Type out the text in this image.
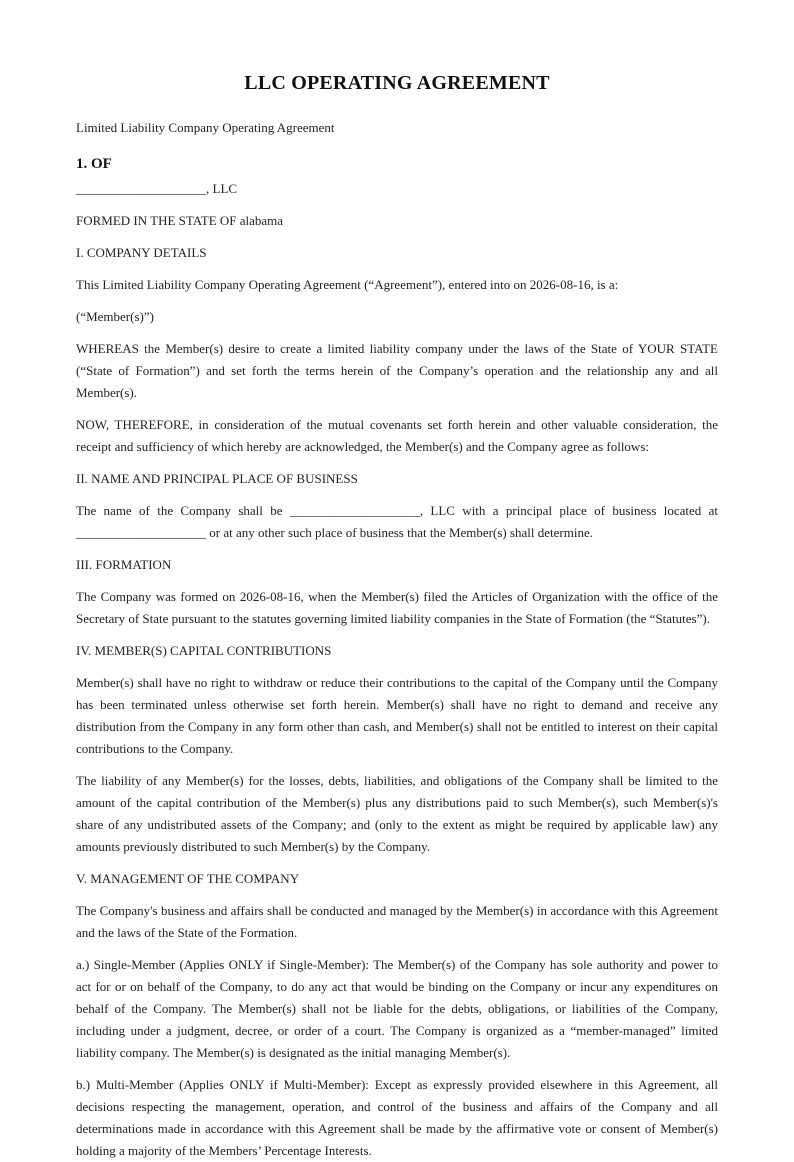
LLC OPERATING AGREEMENT
Limited Liability Company Operating Agreement
1. OF

____________________, LLC

FORMED IN THE STATE OF alabama

I. COMPANY DETAILS

This Limited Liability Company Operating Agreement (“Agreement”), entered into on 2026-08-16, is a:

(“Member(s)”)

WHEREAS the Member(s) desire to create a limited liability company under the laws of the State of YOUR STATE (“State of Formation”) and set forth the terms herein of the Company’s operation and the relationship any and all Member(s).

NOW, THEREFORE, in consideration of the mutual covenants set forth herein and other valuable consideration, the receipt and sufficiency of which hereby are acknowledged, the Member(s) and the Company agree as follows:

II. NAME AND PRINCIPAL PLACE OF BUSINESS

The name of the Company shall be ____________________, LLC with a principal place of business located at ____________________ or at any other such place of business that the Member(s) shall determine.

III. FORMATION

The Company was formed on 2026-08-16, when the Member(s) filed the Articles of Organization with the office of the Secretary of State pursuant to the statutes governing limited liability companies in the State of Formation (the “Statutes”).

IV. MEMBER(S) CAPITAL CONTRIBUTIONS

Member(s) shall have no right to withdraw or reduce their contributions to the capital of the Company until the Company has been terminated unless otherwise set forth herein. Member(s) shall have no right to demand and receive any distribution from the Company in any form other than cash, and Member(s) shall not be entitled to interest on their capital contributions to the Company.

The liability of any Member(s) for the losses, debts, liabilities, and obligations of the Company shall be limited to the amount of the capital contribution of the Member(s) plus any distributions paid to such Member(s), such Member(s)'s share of any undistributed assets of the Company; and (only to the extent as might be required by applicable law) any amounts previously distributed to such Member(s) by the Company.

V. MANAGEMENT OF THE COMPANY

The Company's business and affairs shall be conducted and managed by the Member(s) in accordance with this Agreement and the laws of the State of the Formation.

a.) Single-Member (Applies ONLY if Single-Member): The Member(s) of the Company has sole authority and power to act for or on behalf of the Company, to do any act that would be binding on the Company or incur any expenditures on behalf of the Company. The Member(s) shall not be liable for the debts, obligations, or liabilities of the Company, including under a judgment, decree, or order of a court. The Company is organized as a “member-managed” limited liability company. The Member(s) is designated as the initial managing Member(s).

b.) Multi-Member (Applies ONLY if Multi-Member): Except as expressly provided elsewhere in this Agreement, all decisions respecting the management, operation, and control of the business and affairs of the Company and all determinations made in accordance with this Agreement shall be made by the affirmative vote or consent of Member(s) holding a majority of the Members’ Percentage Interests.
